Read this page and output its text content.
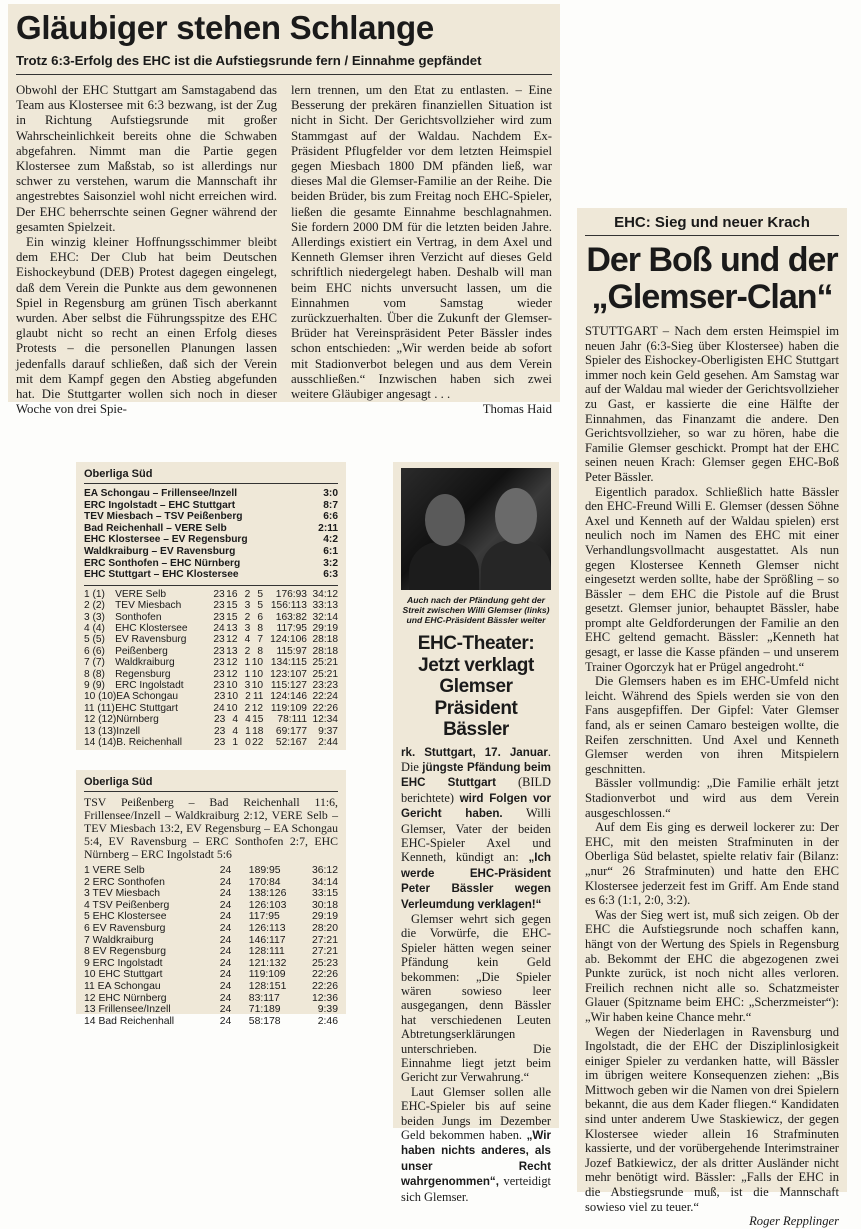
Gläubiger stehen Schlange
Trotz 6:3-Erfolg des EHC ist die Aufstiegsrunde fern / Einnahme gepfändet

Obwohl der EHC Stuttgart am Samstagabend das Team aus Klostersee mit 6:3 bezwang, ist der Zug in Richtung Aufstiegsrunde mit großer Wahrscheinlichkeit bereits ohne die Schwaben abgefahren. Nimmt man die Partie gegen Klostersee zum Maßstab, so ist allerdings nur schwer zu verstehen, warum die Mannschaft ihr angestrebtes Saisonziel wohl nicht erreichen wird. Der EHC beherrschte seinen Gegner während der gesamten Spielzeit.

Ein winzig kleiner Hoffnungsschimmer bleibt dem EHC: Der Club hat beim Deutschen Eishockeybund (DEB) Protest dagegen eingelegt, daß dem Verein die Punkte aus dem gewonnenen Spiel in Regensburg am grünen Tisch aberkannt wurden. Aber selbst die Führungsspitze des EHC glaubt nicht so recht an einen Erfolg dieses Protests – die personellen Planungen lassen jedenfalls darauf schließen, daß sich der Verein mit dem Kampf gegen den Abstieg abgefunden hat. Die Stuttgarter wollen sich noch in dieser Woche von drei Spie-

lern trennen, um den Etat zu entlasten. – Eine Besserung der prekären finanziellen Situation ist nicht in Sicht. Der Gerichtsvollzieher wird zum Stammgast auf der Waldau. Nachdem Ex-Präsident Pflugfelder vor dem letzten Heimspiel gegen Miesbach 1800 DM pfänden ließ, war dieses Mal die Glemser-Familie an der Reihe. Die beiden Brüder, bis zum Freitag noch EHC-Spieler, ließen die gesamte Einnahme beschlagnahmen. Sie fordern 2000 DM für die letzten beiden Jahre. Allerdings existiert ein Vertrag, in dem Axel und Kenneth Glemser ihren Verzicht auf dieses Geld schriftlich niedergelegt haben. Deshalb will man beim EHC nichts unversucht lassen, um die Einnahmen vom Samstag wieder zurückzuerhalten. Über die Zukunft der Glemser-Brüder hat Vereinspräsident Peter Bässler indes schon entschieden: „Wir werden beide ab sofort mit Stadionverbot belegen und aus dem Verein ausschließen.“ Inzwischen haben sich zwei weitere Gläubiger angesagt . . .

Thomas Haid
Oberliga Süd
EA Schongau – Frillensee/Inzell	3:0
ERC Ingolstadt – EHC Stuttgart	8:7
TEV Miesbach – TSV Peißenberg	6:6
Bad Reichenhall – VERE Selb	2:11
EHC Klostersee – EV Regensburg	4:2
Waldkraiburg – EV Ravensburg	6:1
ERC Sonthofen – EHC Nürnberg	3:2
EHC Stuttgart – EHC Klostersee	6:3
1 (1) VERE Selb	23 16 2 5	176:93 34:12
2 (2) TEV Miesbach	23 15 3 5 156:113 33:13
3 (3) Sonthofen	23 15 2 6	163:82 32:14
4 (4) EHC Klostersee	24 13 3 8	117:95 29:19
5 (5) EV Ravensburg	23 12 4 7 124:106 28:18
6 (6) Peißenberg	23 13 2 8	115:97 28:18
7 (7) Waldkraiburg	23 12 1 10 134:115 25:21
8 (8) Regensburg	23 12 1 10 123:107 25:21
9 (9) ERC Ingolstadt	23 10 3 10 115:127 23:23
10 (10) EA Schongau	23 10 2 11 124:146 22:24
11 (11) EHC Stuttgart	24 10 2 12 119:109 22:26
12 (12) Nürnberg	23 4 4 15	78:111 12:34
13 (13) Inzell	23 4 1 18	69:177	9:37
14 (14) B. Reichenhall	23 1 0 22	52:167	2:44
Oberliga Süd
TSV Peißenberg – Bad Reichenhall 11:6, Frillensee/Inzell – Waldkraiburg 2:12, VERE Selb – TEV Miesbach 13:2, EV Regensburg – EA Schongau 5:4, EV Ravensburg – ERC Sonthofen 2:7, EHC Nürnberg – ERC Ingolstadt 5:6
1 VERE Selb	24	189:95	36:12
2 ERC Sonthofen	24	170:84	34:14
3 TEV Miesbach	24	138:126	33:15
4 TSV Peißenberg	24	126:103	30:18
5 EHC Klostersee	24	117:95	29:19
6 EV Ravensburg	24	126:113	28:20
7 Waldkraiburg	24	146:117	27:21
8 EV Regensburg	24	128:111	27:21
9 ERC Ingolstadt	24	121:132	25:23
10 EHC Stuttgart	24	119:109	22:26
11 EA Schongau	24	128:151	22:26
12 EHC Nürnberg	24	83:117	12:36
13 Frillensee/Inzell	24	71:189	9:39
14 Bad Reichenhall	24	58:178	2:46
Auch nach der Pfändung geht der Streit zwischen Willi Glemser (links) und EHC-Präsident Bässler weiter
EHC-Theater: Jetzt verklagt Glemser Präsident Bässler

rk. Stuttgart, 17. Januar. Die jüngste Pfändung beim EHC Stuttgart (BILD berichtete) wird Folgen vor Gericht haben. Willi Glemser, Vater der beiden EHC-Spieler Axel und Kenneth, kündigt an: „Ich werde EHC-Präsident Peter Bässler wegen Verleumdung verklagen!“

Glemser wehrt sich gegen die Vorwürfe, die EHC-Spieler hätten wegen seiner Pfändung kein Geld bekommen: „Die Spieler wären sowieso leer ausgegangen, denn Bässler hat verschiedenen Leuten Abtretungserklärungen unterschrieben. Die Einnahme liegt jetzt beim Gericht zur Verwahrung.“

Laut Glemser sollen alle EHC-Spieler bis auf seine beiden Jungs im Dezember Geld bekommen haben. „Wir haben nichts anderes, als unser Recht wahrgenommen“, verteidigt sich Glemser.

EHC: Sieg und neuer Krach
Der Boß und der „Glemser-Clan“

STUTTGART – Nach dem ersten Heimspiel im neuen Jahr (6:3-Sieg über Klostersee) haben die Spieler des Eishockey-Oberligisten EHC Stuttgart immer noch kein Geld gesehen. Am Samstag war auf der Waldau mal wieder der Gerichtsvollzieher zu Gast, er kassierte die eine Hälfte der Einnahmen, das Finanzamt die andere. Den Gerichtsvollzieher, so war zu hören, habe die Familie Glemser geschickt. Prompt hat der EHC seinen neuen Krach: Glemser gegen EHC-Boß Peter Bässler.

Eigentlich paradox. Schließlich hatte Bässler den EHC-Freund Willi E. Glemser (dessen Söhne Axel und Kenneth auf der Waldau spielen) erst neulich noch im Namen des EHC mit einer Verhandlungsvollmacht ausgestattet. Als nun gegen Klostersee Kenneth Glemser nicht eingesetzt werden sollte, habe der Sprößling – so Bässler – dem EHC die Pistole auf die Brust gesetzt. Glemser junior, behauptet Bässler, habe prompt alte Geldforderungen der Familie an den EHC geltend gemacht. Bässler: „Kenneth hat gesagt, er lasse die Kasse pfänden – und unserem Trainer Ogorczyk hat er Prügel angedroht.“

Die Glemsers haben es im EHC-Umfeld nicht leicht. Während des Spiels werden sie von den Fans ausgepfiffen. Der Gipfel: Vater Glemser fand, als er seinen Camaro besteigen wollte, die Reifen zerschnitten. Und Axel und Kenneth Glemser werden von ihren Mitspielern geschnitten.

Bässler vollmundig: „Die Familie erhält jetzt Stadionverbot und wird aus dem Verein ausgeschlossen.“

Auf dem Eis ging es derweil lockerer zu: Der EHC, mit den meisten Strafminuten in der Oberliga Süd belastet, spielte relativ fair (Bilanz: „nur“ 26 Strafminuten) und hatte den EHC Klostersee jederzeit fest im Griff. Am Ende stand es 6:3 (1:1, 2:0, 3:2).

Was der Sieg wert ist, muß sich zeigen. Ob der EHC die Aufstiegsrunde noch schaffen kann, hängt von der Wertung des Spiels in Regensburg ab. Bekommt der EHC die abgezogenen zwei Punkte zurück, ist noch nicht alles verloren. Freilich rechnen nicht alle so. Schatzmeister Glauer (Spitzname beim EHC: „Scherzmeister“): „Wir haben keine Chance mehr.“

Wegen der Niederlagen in Ravensburg und Ingolstadt, die der EHC der Disziplinlosigkeit einiger Spieler zu verdanken hatte, will Bässler im übrigen weitere Konsequenzen ziehen: „Bis Mittwoch geben wir die Namen von drei Spielern bekannt, die aus dem Kader fliegen.“ Kandidaten sind unter anderem Uwe Staskiewicz, der gegen Klostersee wieder allein 16 Strafminuten kassierte, und der vorübergehende Interimstrainer Jozef Batkiewicz, der als dritter Ausländer nicht mehr benötigt wird. Bässler: „Falls der EHC in die Abstiegsrunde muß, ist die Mannschaft sowieso viel zu teuer.“

Roger Repplinger
